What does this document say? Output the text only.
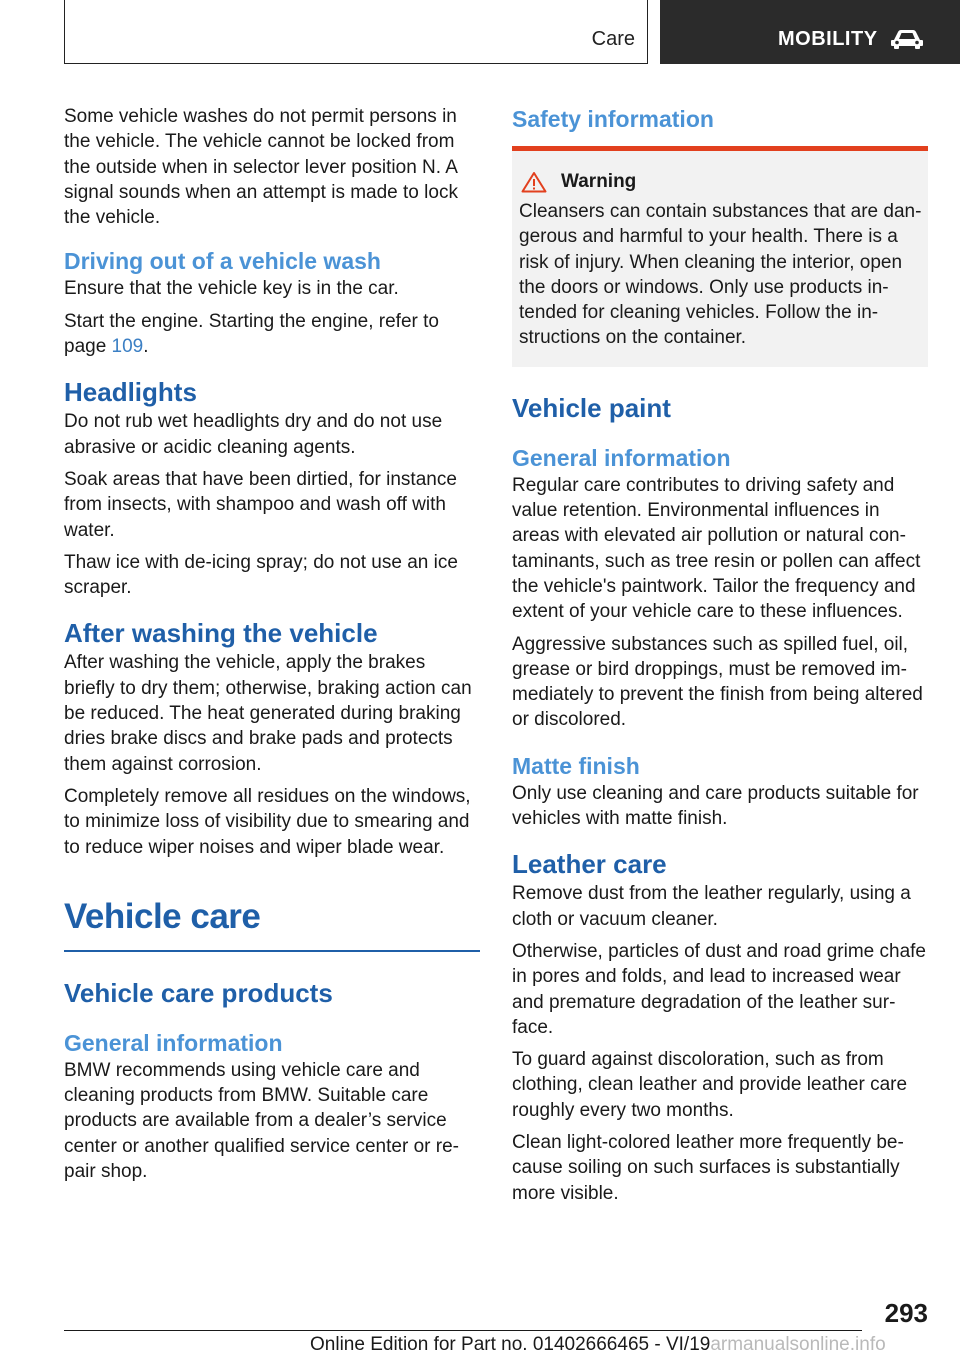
Care	MOBILITY

Some vehicle washes do not permit persons in the vehicle. The vehicle cannot be locked from the outside when in selector lever position N. A signal sounds when an attempt is made to lock the vehicle.

Driving out of a vehicle wash

Ensure that the vehicle key is in the car.

Start the engine. Starting the engine, refer to page 109.

Headlights

Do not rub wet headlights dry and do not use abrasive or acidic cleaning agents.

Soak areas that have been dirtied, for instance from insects, with shampoo and wash off with water.

Thaw ice with de-icing spray; do not use an ice scraper.

After washing the vehicle

After washing the vehicle, apply the brakes briefly to dry them; otherwise, braking action can be reduced. The heat generated during braking dries brake discs and brake pads and protects them against corrosion.

Completely remove all residues on the windows, to minimize loss of visibility due to smearing and to reduce wiper noises and wiper blade wear.

Vehicle care
Vehicle care products
General information

BMW recommends using vehicle care and cleaning products from BMW. Suitable care products are available from a dealer’s service center or another qualified service center or re‐ pair shop.

Safety information
Warning

Cleansers can contain substances that are dan‐ gerous and harmful to your health. There is a risk of injury. When cleaning the interior, open the doors or windows. Only use products in‐ tended for cleaning vehicles. Follow the in‐ structions on the container.

Vehicle paint
General information

Regular care contributes to driving safety and value retention. Environmental influences in areas with elevated air pollution or natural con‐ taminants, such as tree resin or pollen can affect the vehicle's paintwork. Tailor the frequency and extent of your vehicle care to these influences.

Aggressive substances such as spilled fuel, oil, grease or bird droppings, must be removed im‐ mediately to prevent the finish from being altered or discolored.

Matte finish

Only use cleaning and care products suitable for vehicles with matte finish.

Leather care

Remove dust from the leather regularly, using a cloth or vacuum cleaner.

Otherwise, particles of dust and road grime chafe in pores and folds, and lead to increased wear and premature degradation of the leather sur‐ face.

To guard against discoloration, such as from clothing, clean leather and provide leather care roughly every two months.

Clean light-colored leather more frequently be‐ cause soiling on such surfaces is substantially more visible.

293
Online Edition for Part no. 01402666465 - VI/19armanualsonline.info
